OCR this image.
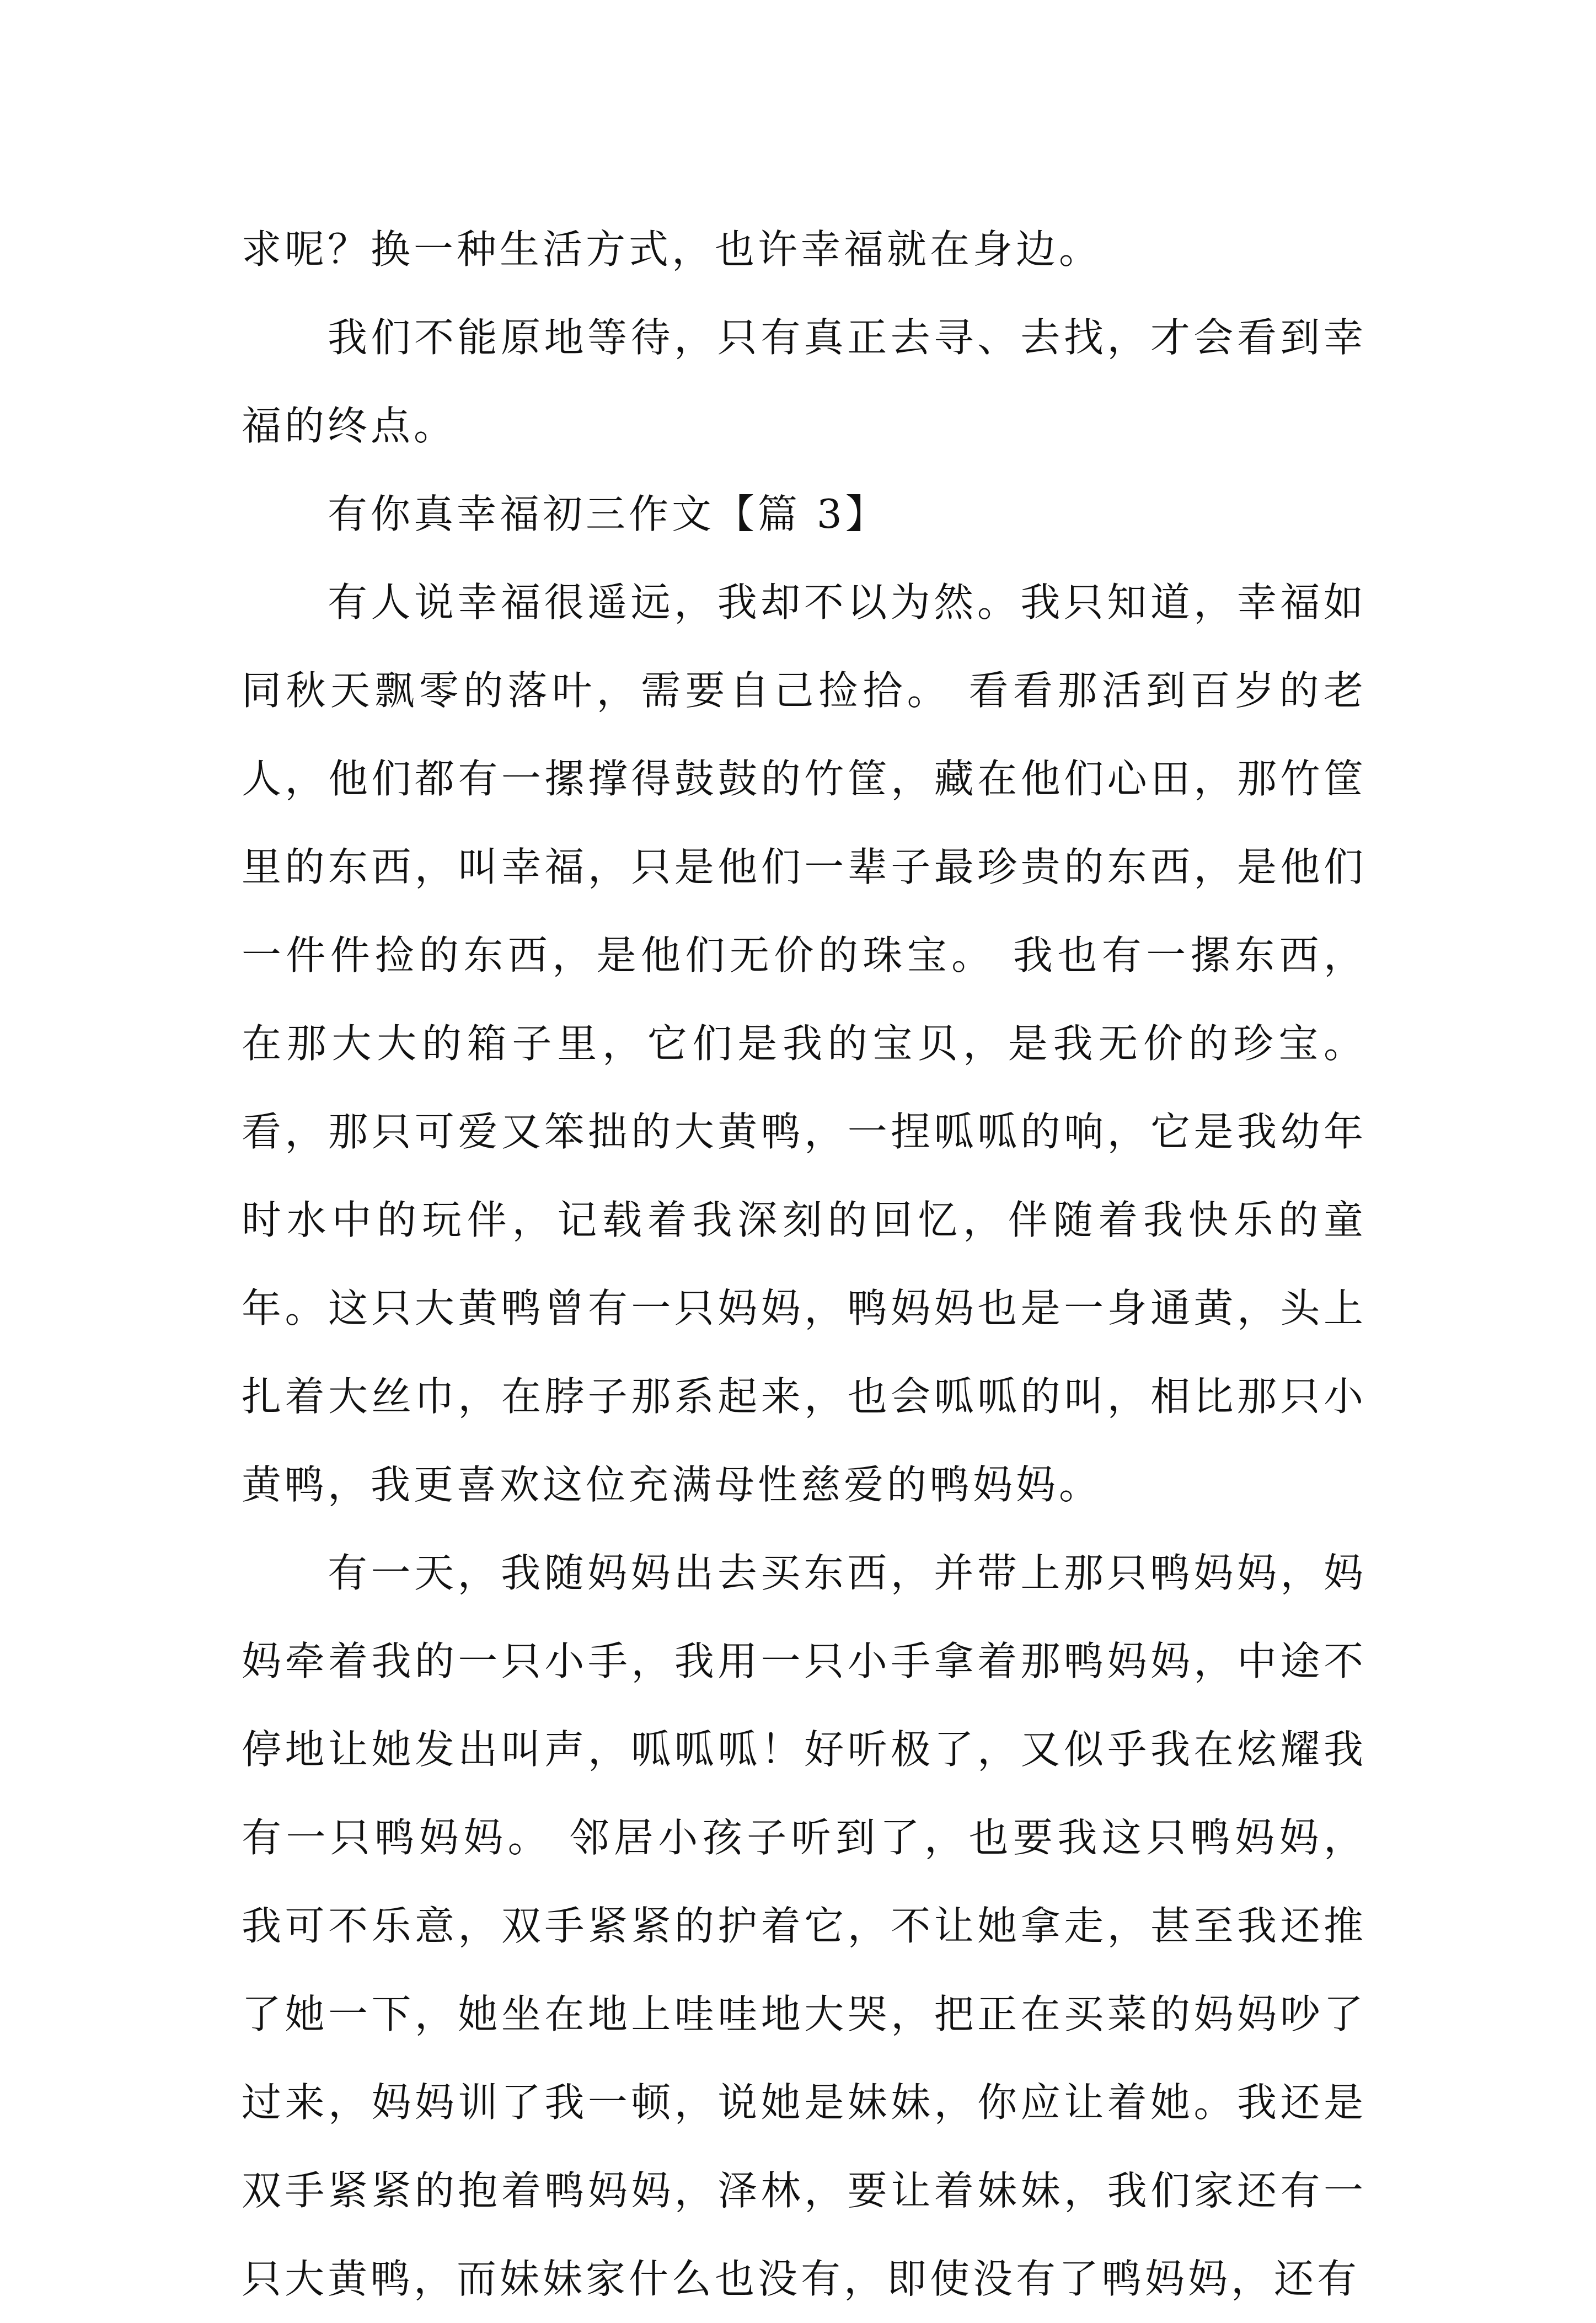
求呢？换一种生活方式，也许幸福就在身边。

我们不能原地等待，只有真正去寻、去找，才会看到幸福的终点。

有你真幸福初三作文【篇 3】

有人说幸福很遥远，我却不以为然。我只知道，幸福如同秋天飘零的落叶，需要自己捡拾。 看看那活到百岁的老人，他们都有一摞撑得鼓鼓的竹筐，藏在他们心田，那竹筐里的东西，叫幸福，只是他们一辈子最珍贵的东西，是他们一件件捡的东西，是他们无价的珠宝。 我也有一摞东西，在那大大的箱子里，它们是我的宝贝，是我无价的珍宝。看，那只可爱又笨拙的大黄鸭，一捏呱呱的响，它是我幼年时水中的玩伴，记载着我深刻的回忆，伴随着我快乐的童年。这只大黄鸭曾有一只妈妈，鸭妈妈也是一身通黄，头上扎着大丝巾，在脖子那系起来，也会呱呱的叫，相比那只小黄鸭，我更喜欢这位充满母性慈爱的鸭妈妈。

有一天，我随妈妈出去买东西，并带上那只鸭妈妈，妈妈牵着我的一只小手，我用一只小手拿着那鸭妈妈，中途不停地让她发出叫声，呱呱呱！好听极了，又似乎我在炫耀我有一只鸭妈妈。 邻居小孩子听到了，也要我这只鸭妈妈，我可不乐意，双手紧紧的护着它，不让她拿走，甚至我还推了她一下，她坐在地上哇哇地大哭，把正在买菜的妈妈吵了过来，妈妈训了我一顿，说她是妹妹，你应让着她。我还是双手紧紧的抱着鸭妈妈，泽林，要让着妹妹，我们家还有一只大黄鸭，而妹妹家什么也没有，即使没有了鸭妈妈，还有
